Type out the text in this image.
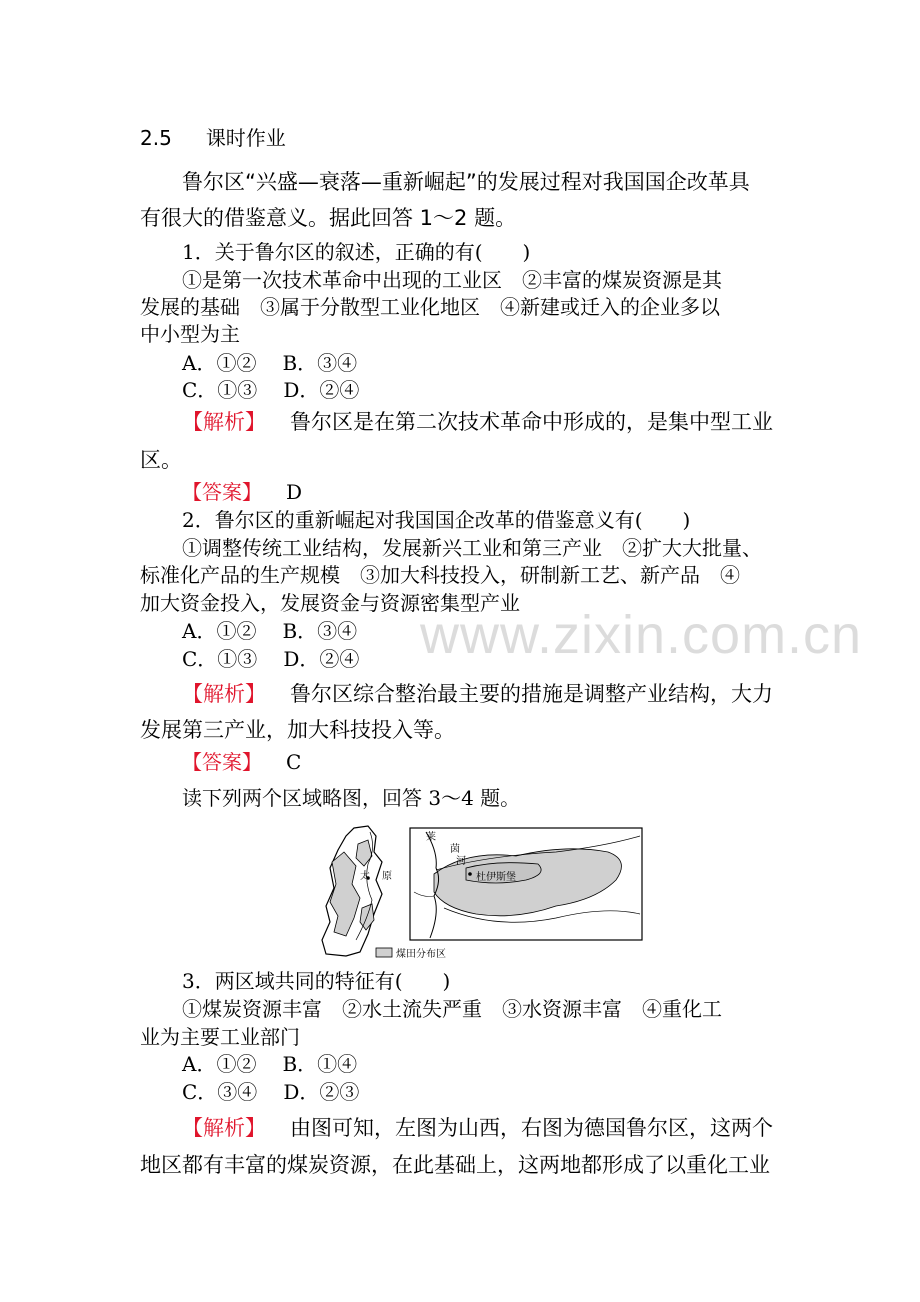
www.zixin.com.cn
2.5 课时作业
鲁尔区“兴盛—衰落—重新崛起”的发展过程对我国国企改革具
有很大的借鉴意义。据此回答 1～2 题。
1．关于鲁尔区的叙述，正确的有(　　)
①是第一次技术革命中出现的工业区　②丰富的煤炭资源是其
发展的基础　③属于分散型工业化地区　④新建或迁入的企业多以
中小型为主
A．①② B．③④
C．①③ D．②④
【解析】 鲁尔区是在第二次技术革命中形成的，是集中型工业
区。
【答案】 D
2．鲁尔区的重新崛起对我国国企改革的借鉴意义有(　　)
①调整传统工业结构，发展新兴工业和第三产业　②扩大大批量、
标准化产品的生产规模　③加大科技投入，研制新工艺、新产品　④
加大资金投入，发展资金与资源密集型产业
A．①② B．③④
C．①③ D．②④
【解析】 鲁尔区综合整治最主要的措施是调整产业结构，大力
发展第三产业，加大科技投入等。
【答案】 C
读下列两个区域略图，回答 3～4 题。
太 原
莱
茵
河
杜伊斯堡
煤田分布区
3．两区域共同的特征有(　　)
①煤炭资源丰富　②水土流失严重　③水资源丰富　④重化工
业为主要工业部门
A．①② B．①④
C．③④ D．②③
【解析】 由图可知，左图为山西，右图为德国鲁尔区，这两个
地区都有丰富的煤炭资源，在此基础上，这两地都形成了以重化工业
